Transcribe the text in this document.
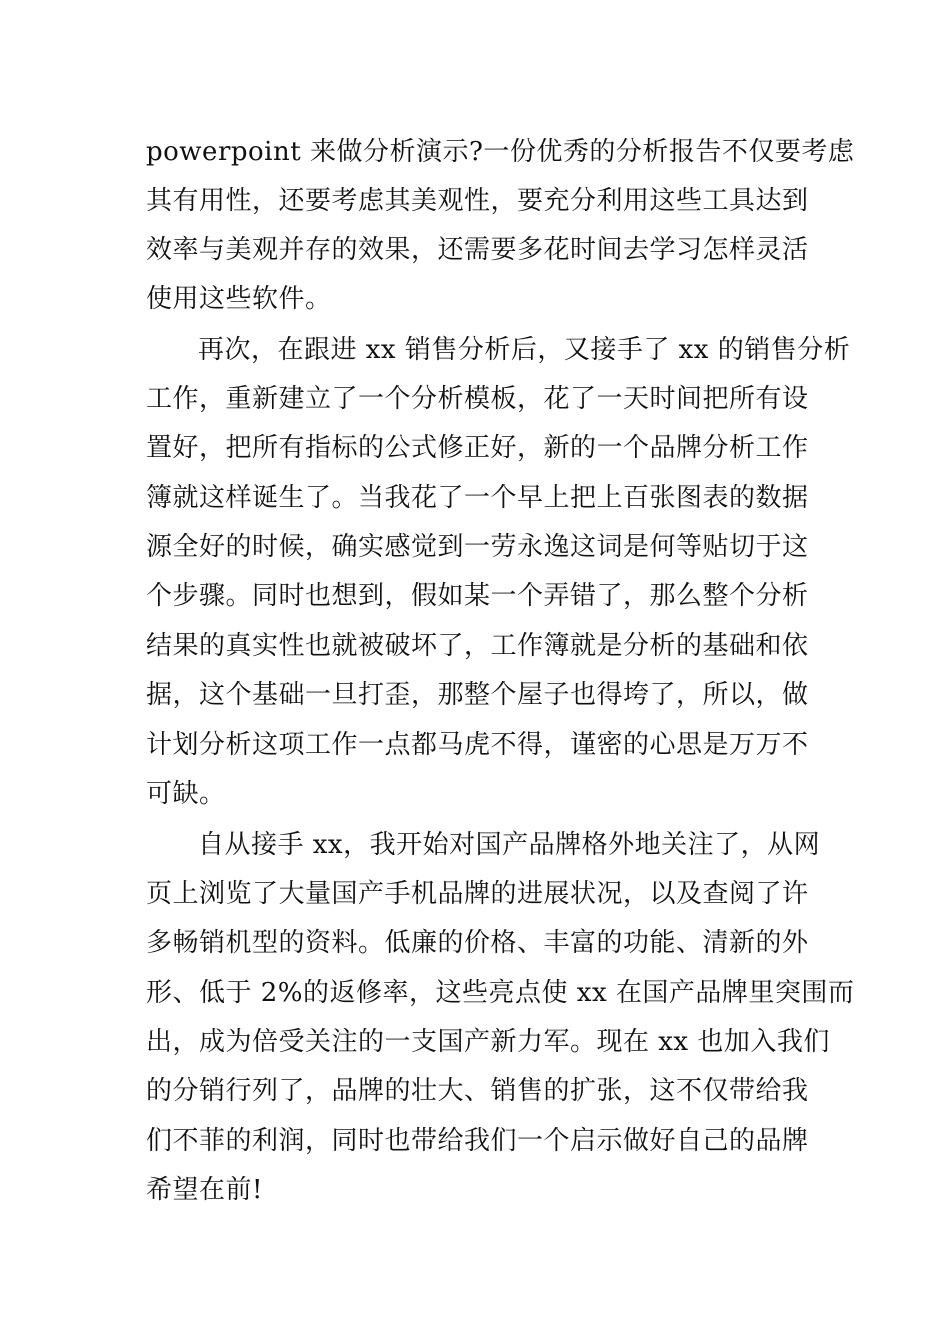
powerpoint 来做分析演示?一份优秀的分析报告不仅要考虑
其有用性，还要考虑其美观性，要充分利用这些工具达到
效率与美观并存的效果，还需要多花时间去学习怎样灵活
使用这些软件。
再次，在跟进 xx 销售分析后，又接手了 xx 的销售分析
工作，重新建立了一个分析模板，花了一天时间把所有设
置好，把所有指标的公式修正好，新的一个品牌分析工作
簿就这样诞生了。当我花了一个早上把上百张图表的数据
源全好的时候，确实感觉到一劳永逸这词是何等贴切于这
个步骤。同时也想到，假如某一个弄错了，那么整个分析
结果的真实性也就被破坏了，工作簿就是分析的基础和依
据，这个基础一旦打歪，那整个屋子也得垮了，所以，做
计划分析这项工作一点都马虎不得，谨密的心思是万万不
可缺。
自从接手 xx，我开始对国产品牌格外地关注了，从网
页上浏览了大量国产手机品牌的进展状况，以及查阅了许
多畅销机型的资料。低廉的价格、丰富的功能、清新的外
形、低于 2%的返修率，这些亮点使 xx 在国产品牌里突围而
出，成为倍受关注的一支国产新力军。现在 xx 也加入我们
的分销行列了，品牌的壮大、销售的扩张，这不仅带给我
们不菲的利润，同时也带给我们一个启示做好自己的品牌
希望在前!
